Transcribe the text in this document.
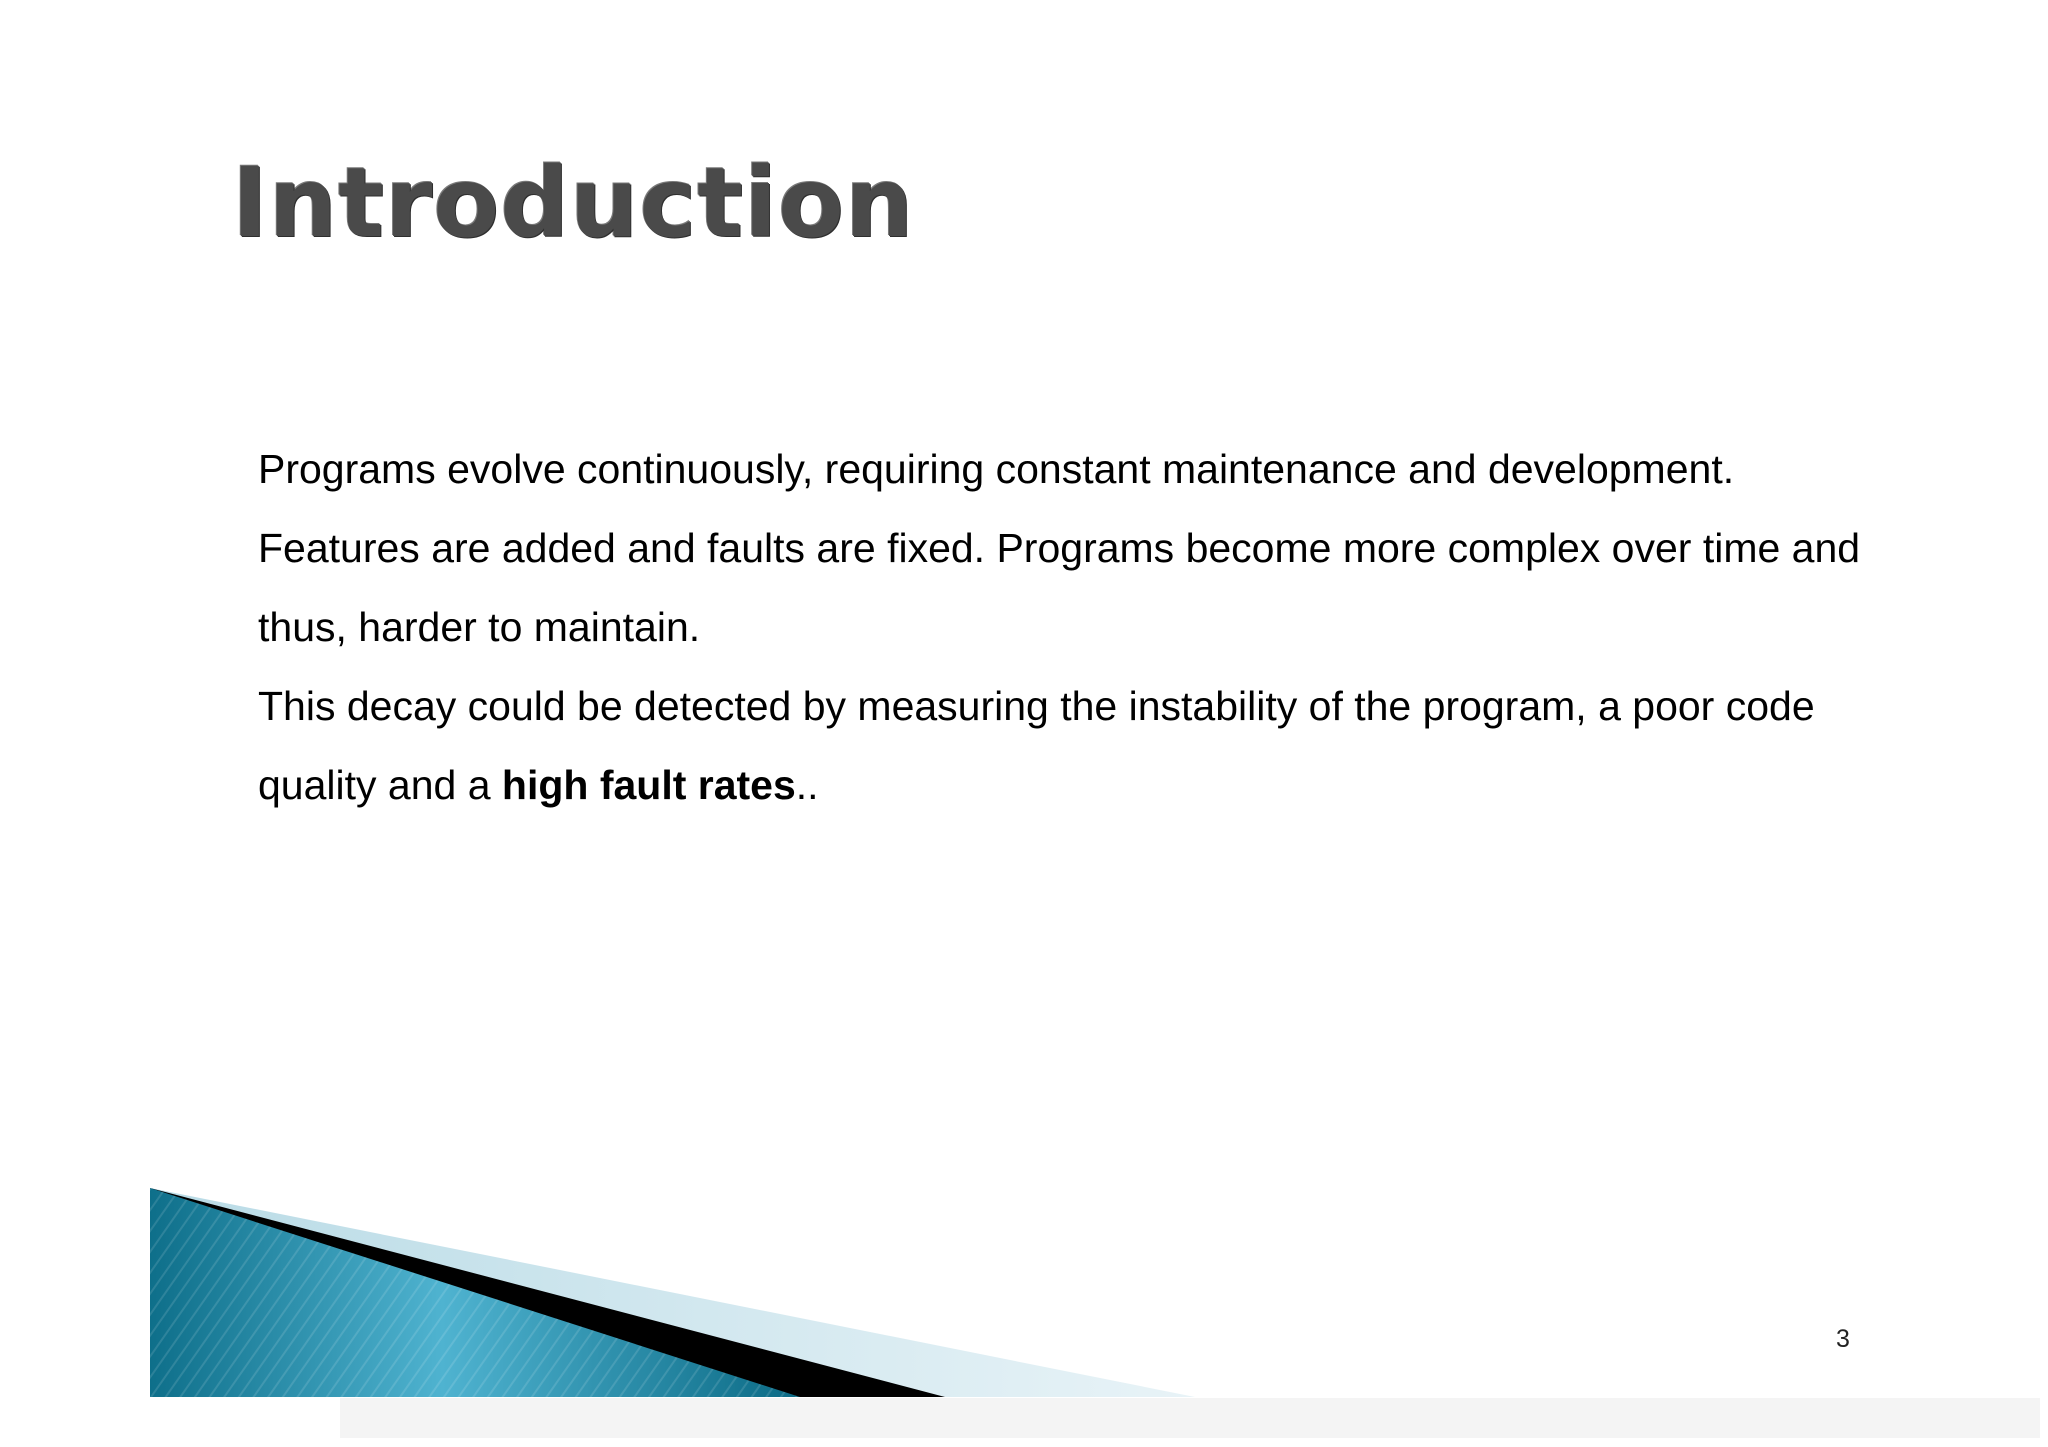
Introduction

Programs evolve continuously, requiring constant maintenance and development. Features are added and faults are fixed. Programs become more complex over time and thus, harder to maintain.

This decay could be detected by measuring the instability of the program, a poor code quality and a high fault rates..

3
